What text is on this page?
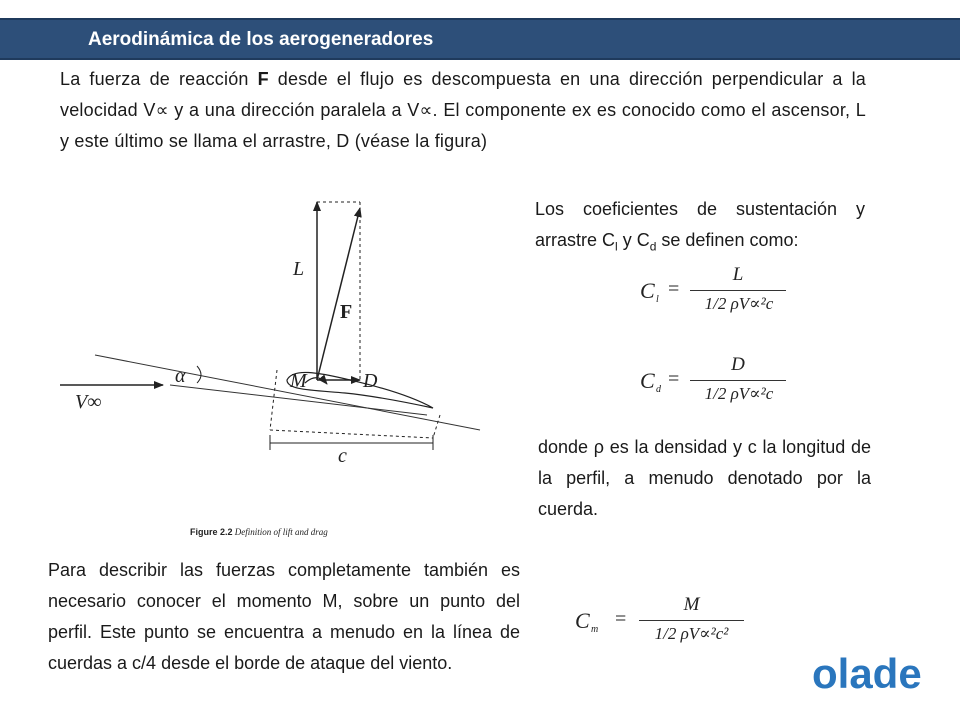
Aerodinámica de los aerogeneradores
La fuerza de reacción F desde el flujo es descompuesta en una dirección perpendicular a la velocidad V∝ y a una dirección paralela a V∝. El componente ex es conocido como el ascensor, L y este último se llama el arrastre, D (véase la figura)
L
α	M	D
V∞
c
F
Figure 2.2 Definition of lift and drag
Los coeficientes de sustentación y arrastre $C_l$ y $C_d$ se definen como:
C l =
L
1/2 ρV∝²c
C d =
D
1/2 ρV∝²c
donde ρ es la densidad y c la longitud de la perfil, a menudo denotado por la cuerda.
Para describir las fuerzas completamente también es necesario conocer el momento M, sobre un punto del perfil. Este punto se encuentra a menudo en la línea de cuerdas a c/4 desde el borde de ataque del viento.
C m =
M
1/2 ρV∝²c²
olade
